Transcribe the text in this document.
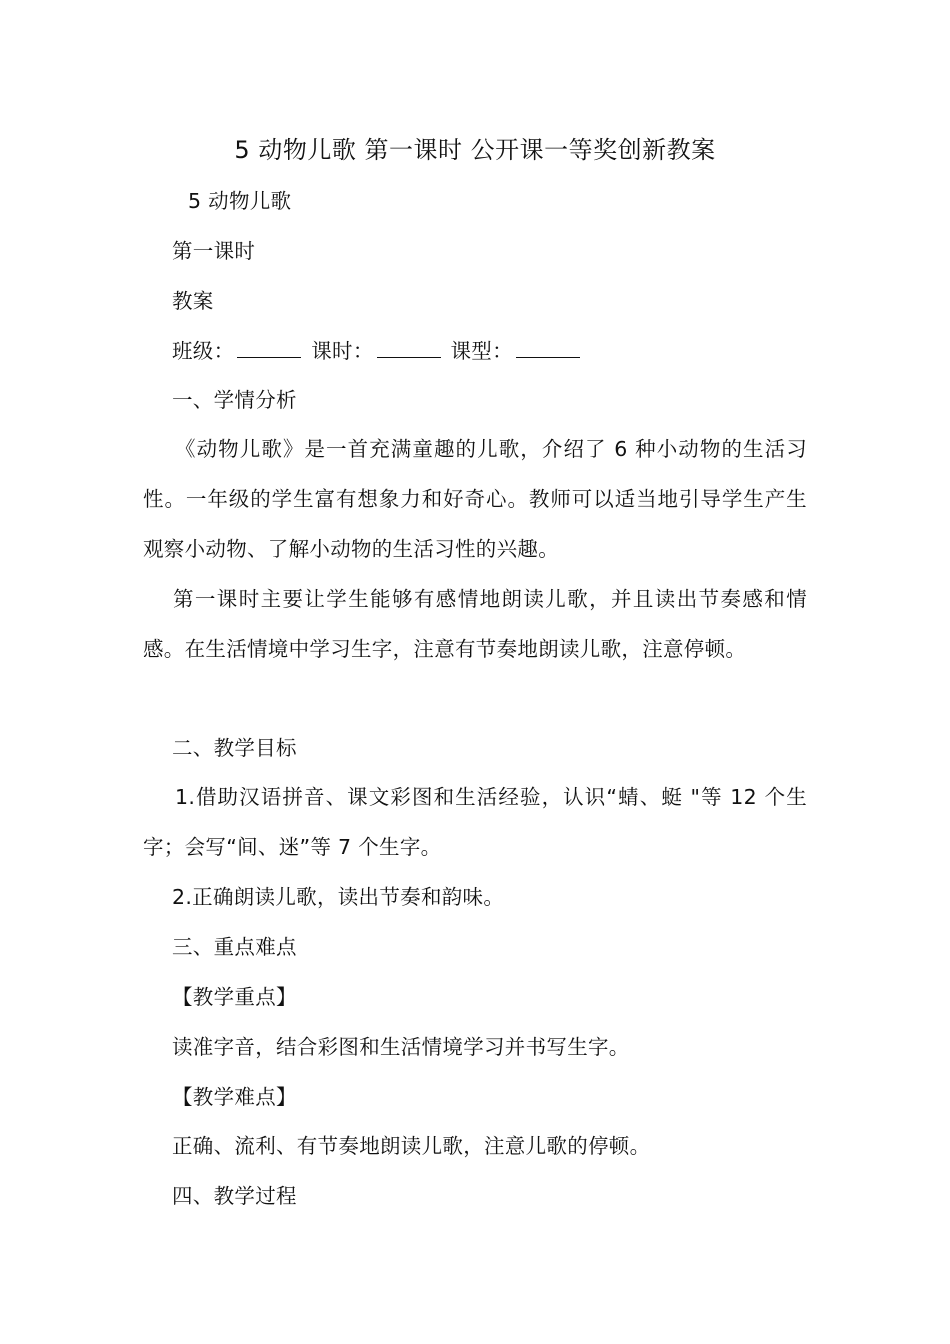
5 动物儿歌 第一课时 公开课一等奖创新教案
5 动物儿歌
第一课时
教案
班级：	课时：	课型：
一、学情分析
《动物儿歌》是一首充满童趣的儿歌，介绍了 6 种小动物的生活习性。一年级的学生富有想象力和好奇心。教师可以适当地引导学生产生观察小动物、了解小动物的生活习性的兴趣。
第一课时主要让学生能够有感情地朗读儿歌，并且读出节奏感和情感。在生活情境中学习生字，注意有节奏地朗读儿歌，注意停顿。
二、教学目标
1.借助汉语拼音、课文彩图和生活经验，认识“蜻、蜓 "等 12 个生字；会写“间、迷”等 7 个生字。
2.正确朗读儿歌，读出节奏和韵味。
三、重点难点
【教学重点】
读准字音，结合彩图和生活情境学习并书写生字。
【教学难点】
正确、流利、有节奏地朗读儿歌，注意儿歌的停顿。
四、教学过程
